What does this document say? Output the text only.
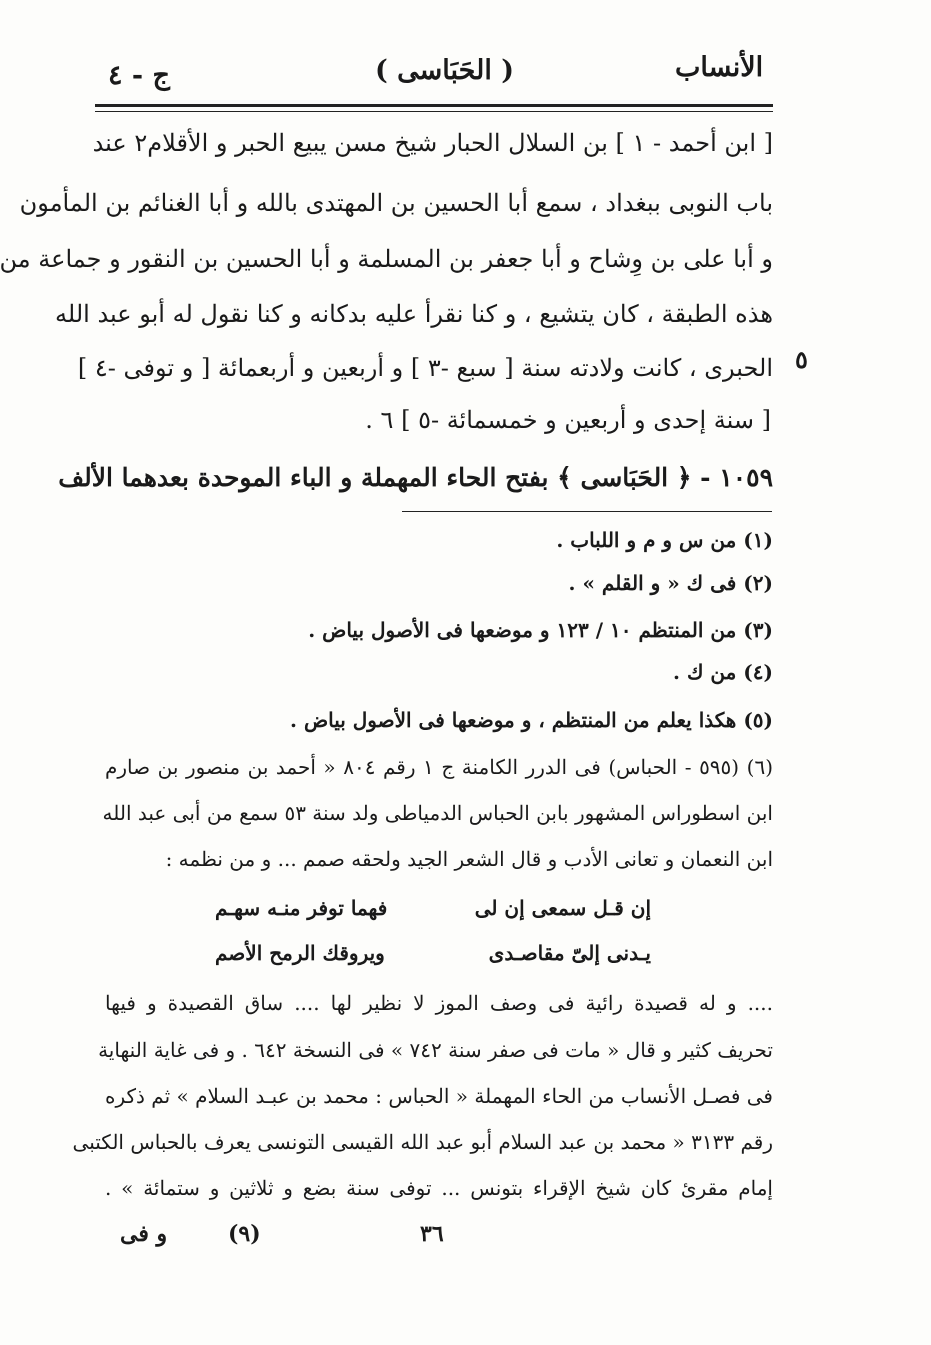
الأنساب
( الحَبَاسى )
ج - ٤
[ ابن أحمد - ١ ] بن السلال الحبار شيخ مسن يبيع الحبر و الأقلام٢ عند
باب النوبى ببغداد ، سمع أبا الحسين بن المهتدى بالله و أبا الغنائم بن المأمون
و أبا على بن وِشاح و أبا جعفر بن المسلمة و أبا الحسين بن النقور و جماعة من
هذه الطبقة ، كان يتشيع ، و كنا نقرأ عليه بدكانه و كنا نقول له أبو عبد الله
الحبرى ، كانت ولادته سنة [ سبع -٣ ] و أربعين و أربعمائة [ و توفى -٤ ] ٥
[ سنة إحدى و أربعين و خمسمائة -٥ ] ٦ .
١٠٥٩ - ﴿ الحَبَاسى ﴾ بفتح الحاء المهملة و الباء الموحدة بعدهما الألف
(١) من س و م و اللباب .
(٢) فى ك « و القلم » .
(٣) من المنتظم ١٠ / ١٢٣ و موضعها فى الأصول بياض .
(٤) من ك .
(٥) هكذا يعلم من المنتظم ، و موضعها فى الأصول بياض .
(٦) (٥٩٥ - الحباس) فى الدرر الكامنة ج ١ رقم ٨٠٤ « أحمد بن منصور بن صارم
ابن اسطوراس المشهور بابن الحباس الدمياطى ولد سنة ٥٣ سمع من أبى عبد الله
ابن النعمان و تعانى الأدب و قال الشعر الجيد ولحقه صمم ... و من نظمه :
إن قـل سمعى إن لى
فهما توفر منـه سهـم
يـدنى إلىّ مقاصـدى
ويروقك الرمح الأصم
.... و له قصيدة رائية فى وصف الموز لا نظير لها .... ساق القصيدة و فيها
تحريف كثير و قال « مات فى صفر سنة ٧٤٢ » فى النسخة ٦٤٢ . و فى غاية النهاية
فى فصـل الأنساب من الحاء المهملة « الحباس : محمد بن عبـد السلام » ثم ذكره
رقم ٣١٣٣ « محمد بن عبد السلام أبو عبد الله القيسى التونسى يعرف بالحباس الكتبى
إمام مقرئ كان شيخ الإقراء بتونس ... توفى سنة بضع و ثلاثين و ستمائة » .
٣٦
(٩)
و فى
